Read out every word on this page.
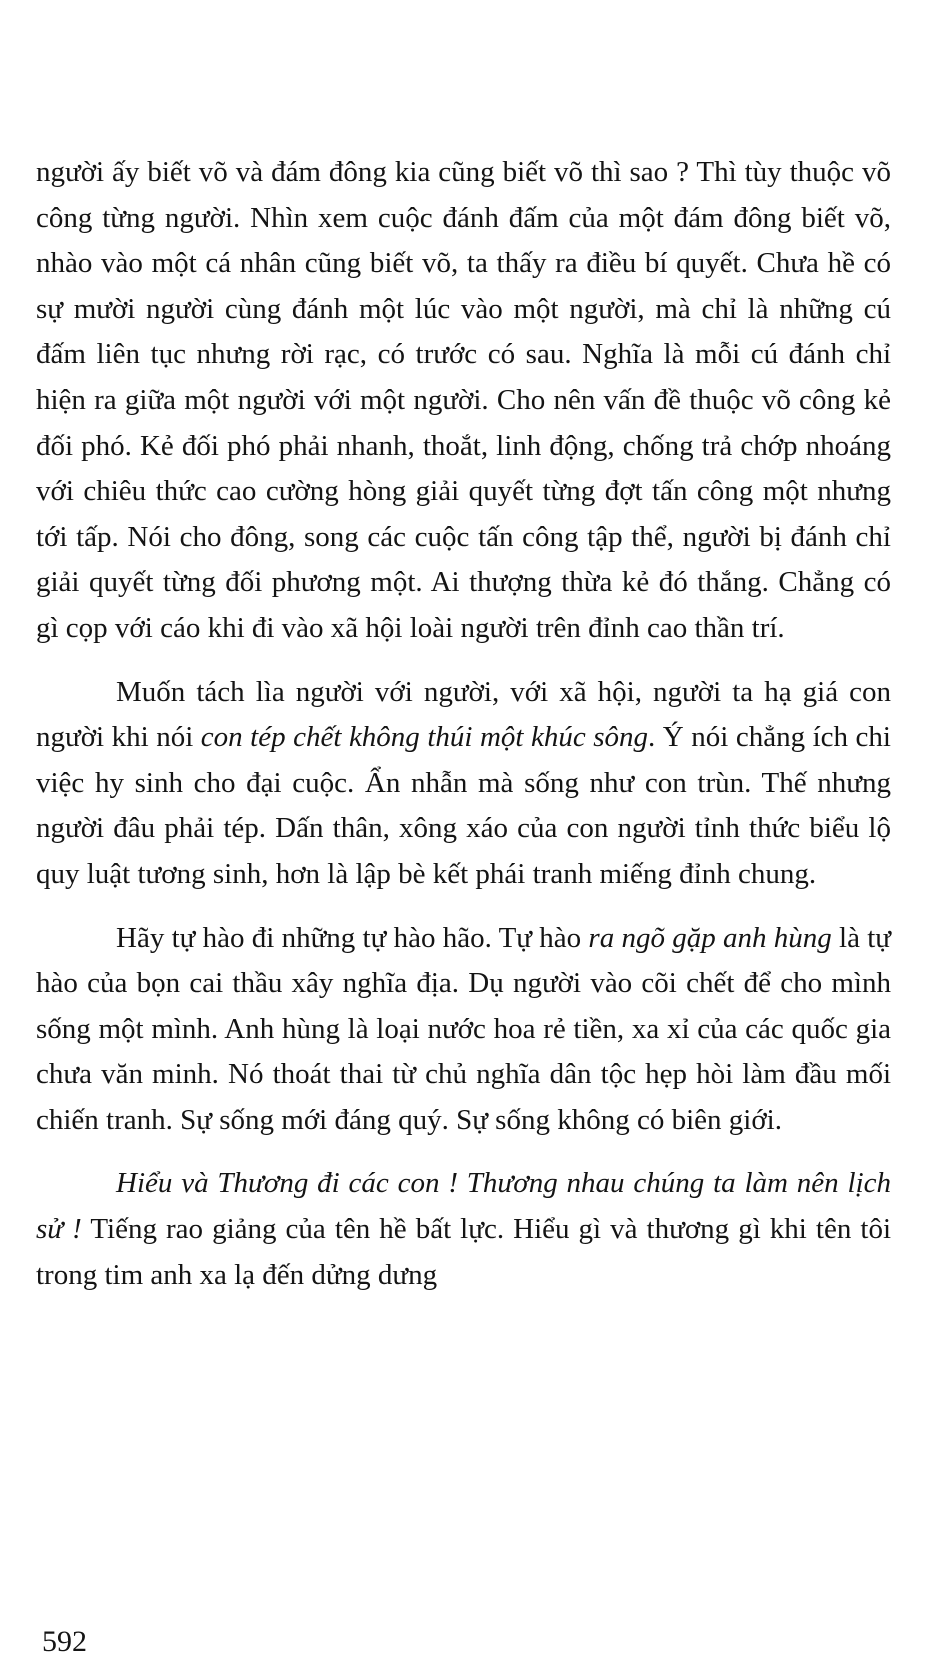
người ấy biết võ và đám đông kia cũng biết võ thì sao ? Thì tùy thuộc võ công từng người. Nhìn xem cuộc đánh đấm của một đám đông biết võ, nhào vào một cá nhân cũng biết võ, ta thấy ra điều bí quyết. Chưa hề có sự mười người cùng đánh một lúc vào một người, mà chỉ là những cú đấm liên tục nhưng rời rạc, có trước có sau. Nghĩa là mỗi cú đánh chỉ hiện ra giữa một người với một người. Cho nên vấn đề thuộc võ công kẻ đối phó. Kẻ đối phó phải nhanh, thoắt, linh động, chống trả chớp nhoáng với chiêu thức cao cường hòng giải quyết từng đợt tấn công một nhưng tới tấp. Nói cho đông, song các cuộc tấn công tập thể, người bị đánh chỉ giải quyết từng đối phương một. Ai thượng thừa kẻ đó thắng. Chẳng có gì cọp với cáo khi đi vào xã hội loài người trên đỉnh cao thần trí.

Muốn tách lìa người với người, với xã hội, người ta hạ giá con người khi nói con tép chết không thúi một khúc sông. Ý nói chẳng ích chi việc hy sinh cho đại cuộc. Ẩn nhẫn mà sống như con trùn. Thế nhưng người đâu phải tép. Dấn thân, xông xáo của con người tỉnh thức biểu lộ quy luật tương sinh, hơn là lập bè kết phái tranh miếng đỉnh chung.

Hãy tự hào đi những tự hào hão. Tự hào ra ngõ gặp anh hùng là tự hào của bọn cai thầu xây nghĩa địa. Dụ người vào cõi chết để cho mình sống một mình. Anh hùng là loại nước hoa rẻ tiền, xa xỉ của các quốc gia chưa văn minh. Nó thoát thai từ chủ nghĩa dân tộc hẹp hòi làm đầu mối chiến tranh. Sự sống mới đáng quý. Sự sống không có biên giới.

Hiểu và Thương đi các con ! Thương nhau chúng ta làm nên lịch sử ! Tiếng rao giảng của tên hề bất lực. Hiểu gì và thương gì khi tên tôi trong tim anh xa lạ đến dửng dưng

592
